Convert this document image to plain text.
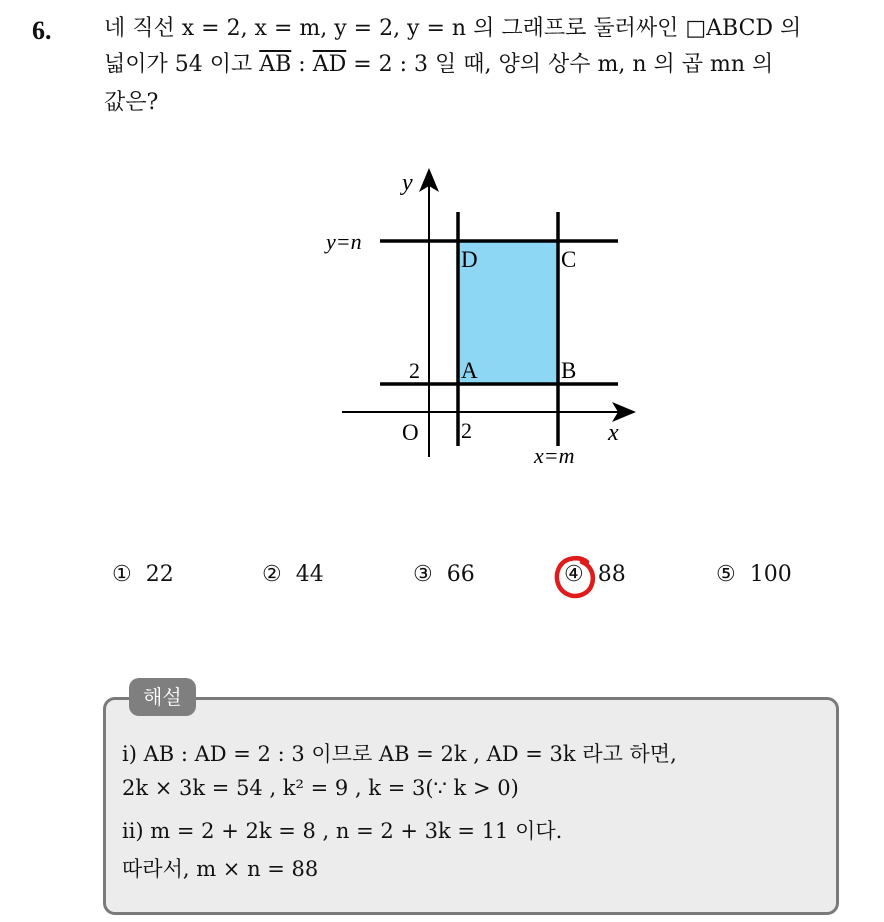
6. 네 직선 x = 2, x = m, y = 2, y = n 의 그래프로 둘러싸인 □ABCD 의
넓이가 54 이고 $\overline{AB}$ : $\overline{AD} = 2$ : 3 일 때, 양의 상수 m, n 의 곱 mn 의
값은?
y
x
O
y=n
x=m
2
2
A	B
C
D
① 22	② 44	③ 66	④ 88	⑤ 100
해설
ⅰ) AB : AD = 2 : 3 이므로 AB = 2k , AD = 3k 라고 하면,
2k × 3k = 54 , k² = 9 , k = 3(∵ k > 0)
ⅱ) m = 2 + 2k = 8 , n = 2 + 3k = 11 이다.
따라서, m × n = 88
